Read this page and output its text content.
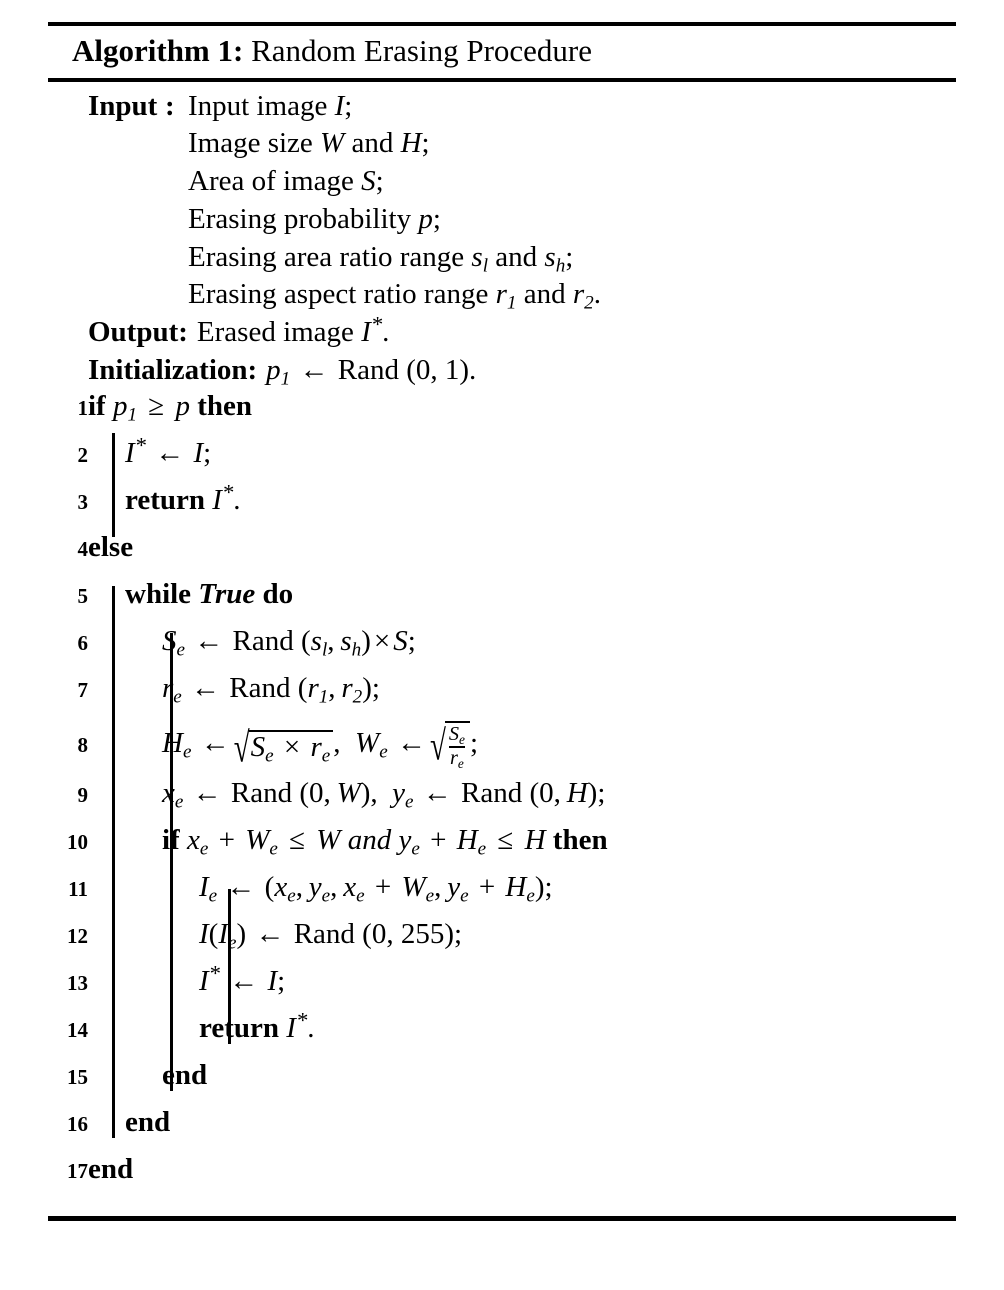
Algorithm 1: Random Erasing Procedure
Input : Input image I;
Image size W and H;
Area of image S;
Erasing probability p;
Erasing area ratio range $s_l$ and $s_h$;
Erasing aspect ratio range $r_1$ and $r_2$.
Output: Erased image I*.
Initialization: $p_1$ ← Rand (0, 1).
1 if $p_1 \ge p$ then
2	I* ← I;
3	return I*.
4 else
5	while True do
6	$S_e$ ← Rand ($s_l$, $s_h) \times S$;
7	$r_e$ ← Rand ($r_1$, $r_2$);
8	$H_e$ ← $√S_e \times r_e$ , $W_e$ ← √ $\frac{S_e}{r_e}$ ;
9	$x_e$ ← Rand (0, W), $y_e$ ← Rand (0, H);
10	if $x_e + W_e \le W$ and $y_e + H_e \le H$ then
11	$I_e$ ← ($x_e$, $y_e$, $x_e + W_e$, $y_e + H_e$);
12	$I(I_e)$ ← Rand (0, 255);
13	I* ← I;
14	return I*.
15	end
16	end
17 end
